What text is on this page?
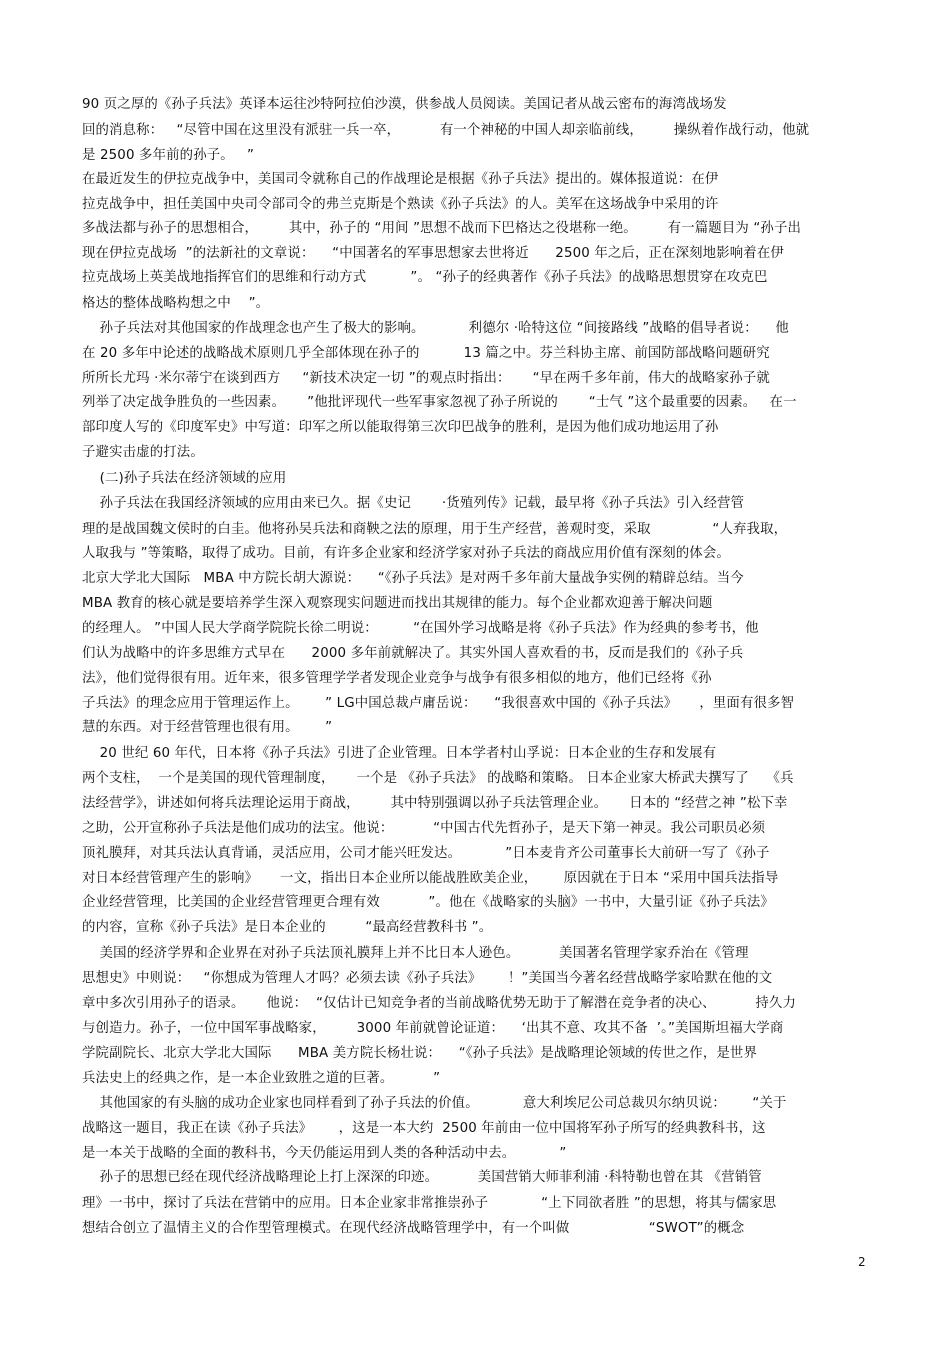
90 页之厚的《孙子兵法》英译本运往沙特阿拉伯沙漠，供参战人员阅读。美国记者从战云密布的海湾战场发
回的消息称：   “尽管中国在这里没有派驻一兵一卒，         有一个神秘的中国人却亲临前线，       操纵着作战行动，他就
是 2500 多年前的孙子。   ”
在最近发生的伊拉克战争中，美国司令就称自己的作战理论是根据《孙子兵法》提出的。媒体报道说：在伊
拉克战争中，担任美国中央司令部司令的弗兰克斯是个熟读《孙子兵法》的人。美军在这场战争中采用的许
多战法都与孙子的思想相合，       其中，孙子的 “用间 ”思想不战而下巴格达之役堪称一绝。       有一篇题目为 “孙子出
现在伊拉克战场  ”的法新社的文章说：    “中国著名的军事思想家去世将近      2500 年之后，正在深刻地影响着在伊
拉克战场上英美战地指挥官们的思维和行动方式          ”。 “孙子的经典著作《孙子兵法》的战略思想贯穿在攻克巴
格达的整体战略构想之中    ”。
孙子兵法对其他国家的作战理念也产生了极大的影响。          利德尔 ·哈特这位 “间接路线 ”战略的倡导者说：    他
在 20 多年中论述的战略战术原则几乎全部体现在孙子的          13 篇之中。芬兰科协主席、前国防部战略问题研究
所所长尤玛 ·米尔蒂宁在谈到西方     “新技术决定一切 ”的观点时指出：     “早在两千多年前，伟大的战略家孙子就
列举了决定战争胜负的一些因素。     ”他批评现代一些军事家忽视了孙子所说的       “士气 ”这个最重要的因素。   在一
部印度人写的《印度军史》中写道：印军之所以能取得第三次印巴战争的胜利，是因为他们成功地运用了孙
子避实击虚的打法。
(二)孙子兵法在经济领域的应用
孙子兵法在我国经济领域的应用由来已久。据《史记       ·货殖列传》记载，最早将《孙子兵法》引入经营管
理的是战国魏文侯时的白圭。他将孙吴兵法和商鞅之法的原理，用于生产经营，善观时变，采取              “人弃我取，
人取我与 ”等策略，取得了成功。目前，有许多企业家和经济学家对孙子兵法的商战应用价值有深刻的体会。
北京大学北大国际   MBA 中方院长胡大源说：    “《孙子兵法》是对两千多年前大量战争实例的精辟总结。当今
MBA 教育的核心就是要培养学生深入观察现实问题进而找出其规律的能力。每个企业都欢迎善于解决问题
的经理人。 ”中国人民大学商学院院长徐二明说：        “在国外学习战略是将《孙子兵法》作为经典的参考书，他
们认为战略中的许多思维方式早在      2000 多年前就解决了。其实外国人喜欢看的书，反而是我们的《孙子兵
法》，他们觉得很有用。近年来，很多管理学学者发现企业竞争与战争有很多相似的地方，他们已经将《孙
子兵法》的理念应用于管理运作上。      ” LG中国总裁卢庸岳说：    “我很喜欢中国的《孙子兵法》     ，里面有很多智
慧的东西。对于经营管理也很有用。      ”
20 世纪 60 年代，日本将《孙子兵法》引进了企业管理。日本学者村山孚说：日本企业的生存和发展有
两个支柱，  一个是美国的现代管理制度，     一个是 《孙子兵法》 的战略和策略。 日本企业家大桥武夫撰写了    《兵
法经营学》，讲述如何将兵法理论运用于商战，       其中特别强调以孙子兵法管理企业。     日本的 “经营之神 ”松下幸
之助，公开宣称孙子兵法是他们成功的法宝。他说：         “中国古代先哲孙子，是天下第一神灵。我公司职员必须
顶礼膜拜，对其兵法认真背诵，灵活应用，公司才能兴旺发达。          ”日本麦肯齐公司董事长大前研一写了《孙子
对日本经营管理产生的影响》     一文，指出日本企业所以能战胜欧美企业，      原因就在于日本 “采用中国兵法指导
企业经营管理，比美国的企业经营管理更合理有效           ”。他在《战略家的头脑》一书中，大量引证《孙子兵法》
的内容，宣称《孙子兵法》是日本企业的         “最高经营教科书 ”。
美国的经济学界和企业界在对孙子兵法顶礼膜拜上并不比日本人逊色。         美国著名管理学家乔治在《管理
思想史》中则说：   “你想成为管理人才吗？必须去读《孙子兵法》      ！”美国当今著名经营战略学家哈默在他的文
章中多次引用孙子的语录。     他说：  “仅估计已知竞争者的当前战略优势无助于了解潜在竞争者的决心、         持久力
与创造力。孙子，一位中国军事战略家，       3000 年前就曾论证道：    ‘出其不意、攻其不备  ’。”美国斯坦福大学商
学院副院长、北京大学北大国际      MBA 美方院长杨壮说：    “《孙子兵法》是战略理论领域的传世之作，是世界
兵法史上的经典之作，是一本企业致胜之道的巨著。         ”
其他国家的有头脑的成功企业家也同样看到了孙子兵法的价值。          意大利埃尼公司总裁贝尔纳贝说：      “关于
战略这一题目，我正在读《孙子兵法》      ，这是一本大约  2500 年前由一位中国将军孙子所写的经典教科书，这
是一本关于战略的全面的教科书，今天仍能运用到人类的各种活动中去。          ”
孙子的思想已经在现代经济战略理论上打上深深的印迹。         美国营销大师菲利浦 ·科特勒也曾在其 《营销管
理》一书中，探讨了兵法在营销中的应用。日本企业家非常推崇孙子            “上下同欲者胜 ”的思想，将其与儒家思
想结合创立了温情主义的合作型管理模式。在现代经济战略管理学中，有一个叫做                  “SWOT”的概念
2
